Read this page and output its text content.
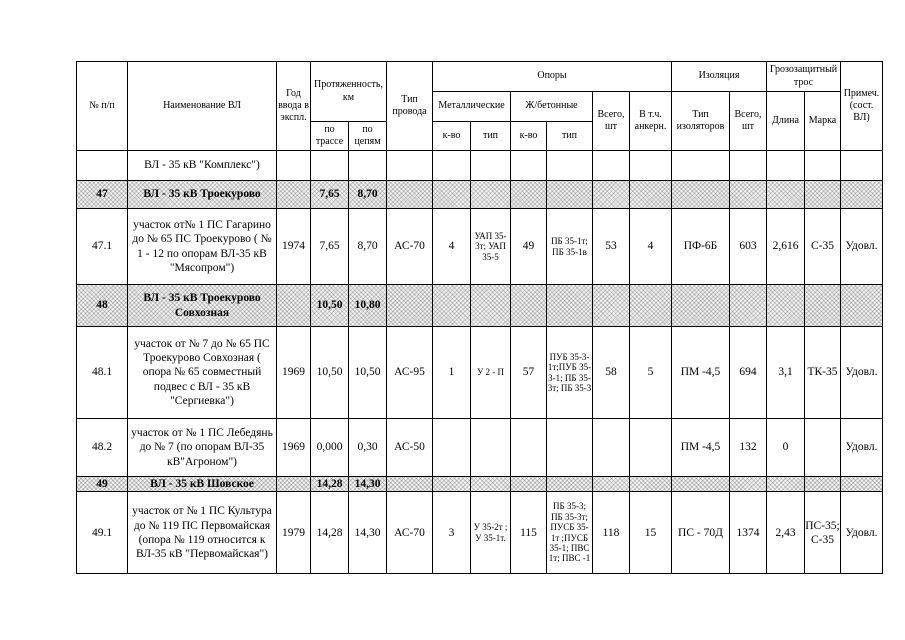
№ п/п	Наименование ВЛ	Год ввода в экспл.	Протяженность, км		Тип провода	Опоры						Изоляция		Грозозащитный трос		Примеч. (сост. ВЛ)
						Металлические		Ж/бетонные		Всего, шт	В т.ч. анкерн.	Тип изоляторов	Всего, шт	Длина	Марка	
			по трассе	по цепям		к-во	тип	к-во	тип							
	ВЛ - 35 кВ "Комплекс")															
47	ВЛ - 35 кВ Троекурово		7,65	8,70												
47.1	участок от№ 1 ПС Гагарино до № 65 ПС Троекурово ( № 1 - 12 по опорам ВЛ-35 кВ "Мясопром")	1974	7,65	8,70	АС-70	4	УАП 35-3т; УАП 35-5	49	ПБ 35-1т; ПБ 35-1в	53	4	ПФ-6Б	603	2,616	С-35	Удовл.
48	ВЛ - 35 кВ Троекурово Совхозная		10,50	10,80												
48.1	участок от № 7 до № 65 ПС Троекурово Совхозная ( опора № 65 совместный подвес с ВЛ - 35 кВ "Сергиевка")	1969	10,50	10,50	АС-95	1	У 2 - П	57	ПУБ 35-3-1т;ПУБ 35-3-1; ПБ 35-3т; ПБ 35-3	58	5	ПМ -4,5	694	3,1	ТК-35	Удовл.
48.2	участок от № 1 ПС Лебедянь до № 7 (по опорам ВЛ-35 кВ"Агроном")	1969	0,000	0,30	АС-50							ПМ -4,5	132	0		Удовл.
49	ВЛ - 35 кВ Шовское		14,28	14,30												
49.1	участок от № 1 ПС Культура до № 119 ПС Первомайская (опора № 119 относится к ВЛ-35 кВ "Первомайская")	1979	14,28	14,30	АС-70	3	У 35-2т ; У 35-1т.	115	ПБ 35-3; ПБ 35-3т; ПУСБ 35-1т ;ПУСБ 35-1; ПВС 1т; ПВС -1	118	15	ПС - 70Д	1374	2,43	ПС-35; С-35	Удовл.
